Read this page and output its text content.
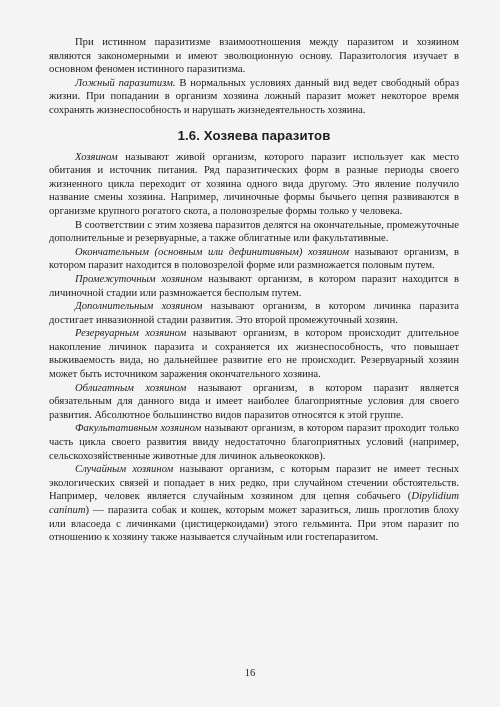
При истинном паразитизме взаимоотношения между паразитом и хозяином являются закономерными и имеют эволюционную основу. Паразитология изучает в основном феномен истинного паразитизма.

Ложный паразитизм. В нормальных условиях данный вид ведет свободный образ жизни. При попадании в организм хозяина ложный паразит может некоторое время сохранять жизнеспособность и нарушать жизнедеятельность хозяина.

1.6. Хозяева паразитов

Хозяином называют живой организм, которого паразит использует как место обитания и источник питания. Ряд паразитических форм в разные периоды своего жизненного цикла переходит от хозяина одного вида другому. Это явление получило название смены хозяина. Например, личиночные формы бычьего цепня развиваются в организме крупного рогатого скота, а половозрелые формы только у человека.

В соответствии с этим хозяева паразитов делятся на окончательные, промежуточные дополнительные и резервуарные, а также облигатные или факультативные.

Окончательным (основным или дефинитивным) хозяином называют организм, в котором паразит находится в половозрелой форме или размножается половым путем.

Промежуточным хозяином называют организм, в котором паразит находится в личиночной стадии или размножается бесполым путем.

Дополнительным хозяином называют организм, в котором личинка паразита достигает инвазионной стадии развития. Это второй промежуточный хозяин.

Резервуарным хозяином называют организм, в котором происходит длительное накопление личинок паразита и сохраняется их жизнеспособность, что повышает выживаемость вида, но дальнейшее развитие его не происходит. Резервуарный хозяин может быть источником заражения окончательного хозяина.

Облигатным хозяином называют организм, в котором паразит является обязательным для данного вида и имеет наиболее благоприятные условия для своего развития. Абсолютное большинство видов паразитов относятся к этой группе.

Факультативным хозяином называют организм, в котором паразит проходит только часть цикла своего развития ввиду недостаточно благоприятных условий (например, сельскохозяйственные животные для личинок альвеококков).

Случайным хозяином называют организм, с которым паразит не имеет тесных экологических связей и попадает в них редко, при случайном стечении обстоятельств. Например, человек является случайным хозяином для цепня собачьего (Dipylidium caninum) — паразита собак и кошек, которым может заразиться, лишь проглотив блоху или власоеда с личинками (цистицеркоидами) этого гельминта. При этом паразит по отношению к хозяину также называется случайным или гостепаразитом.

16
